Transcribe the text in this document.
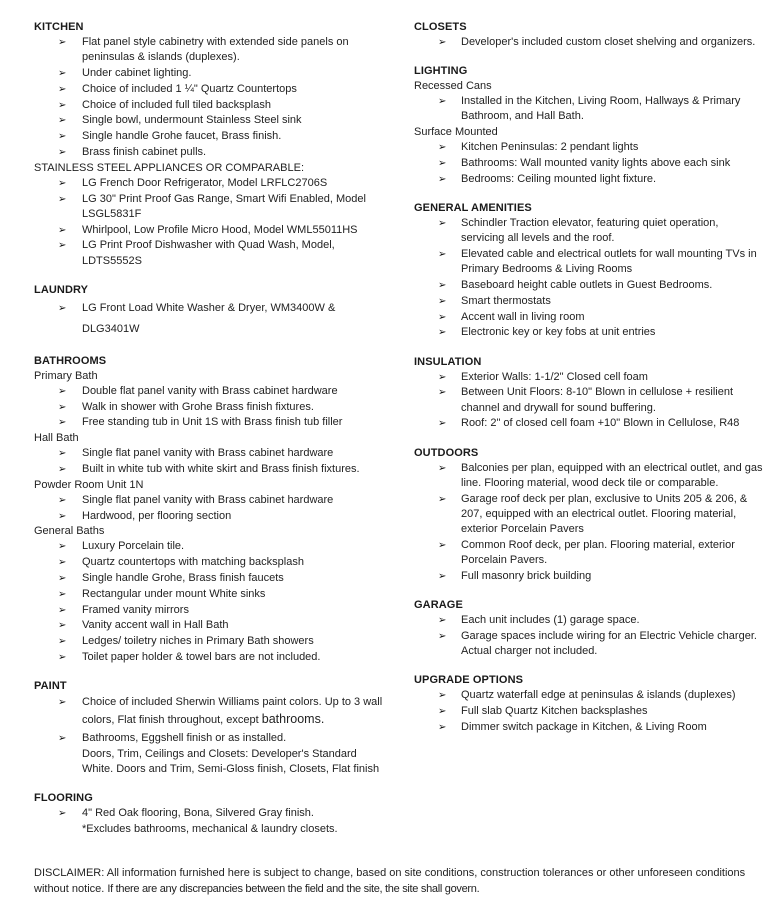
KITCHEN
➢ Flat panel style cabinetry with extended side panels on peninsulas & islands (duplexes).
➢ Under cabinet lighting.
➢ Choice of included 1 ¼" Quartz Countertops
➢ Choice of included full tiled backsplash
➢ Single bowl, undermount Stainless Steel sink
➢ Single handle Grohe faucet, Brass finish.
➢ Brass finish cabinet pulls.
STAINLESS STEEL APPLIANCES OR COMPARABLE:
➢ LG French Door Refrigerator, Model LRFLC2706S
➢ LG 30" Print Proof Gas Range, Smart Wifi Enabled, Model LSGL5831F
➢ Whirlpool, Low Profile Micro Hood, Model WML55011HS
➢ LG Print Proof Dishwasher with Quad Wash, Model, LDTS5552S
LAUNDRY
➢ LG Front Load White Washer & Dryer, WM3400W & DLG3401W
BATHROOMS
Primary Bath
➢ Double flat panel vanity with Brass cabinet hardware
➢ Walk in shower with Grohe Brass finish fixtures.
➢ Free standing tub in Unit 1S with Brass finish tub filler
Hall Bath
➢ Single flat panel vanity with Brass cabinet hardware
➢ Built in white tub with white skirt and Brass finish fixtures.
Powder Room Unit 1N
➢ Single flat panel vanity with Brass cabinet hardware
➢ Hardwood, per flooring section
General Baths
➢ Luxury Porcelain tile.
➢ Quartz countertops with matching backsplash
➢ Single handle Grohe, Brass finish faucets
➢ Rectangular under mount White sinks
➢ Framed vanity mirrors
➢ Vanity accent wall in Hall Bath
➢ Ledges/ toiletry niches in Primary Bath showers
➢ Toilet paper holder & towel bars are not included.
PAINT
➢ Choice of included Sherwin Williams paint colors. Up to 3 wall colors, Flat finish throughout, except bathrooms.
➢ Bathrooms, Eggshell finish or as installed.
Doors, Trim, Ceilings and Closets: Developer's Standard White. Doors and Trim, Semi-Gloss finish, Closets, Flat finish
FLOORING
➢ 4" Red Oak flooring, Bona, Silvered Gray finish.
*Excludes bathrooms, mechanical & laundry closets.
CLOSETS
➢ Developer's included custom closet shelving and organizers.
LIGHTING
Recessed Cans
➢ Installed in the Kitchen, Living Room, Hallways & Primary Bathroom, and Hall Bath.
Surface Mounted
➢ Kitchen Peninsulas: 2 pendant lights
➢ Bathrooms: Wall mounted vanity lights above each sink
➢ Bedrooms: Ceiling mounted light fixture.
GENERAL AMENITIES
➢ Schindler Traction elevator, featuring quiet operation, servicing all levels and the roof.
➢ Elevated cable and electrical outlets for wall mounting TVs in Primary Bedrooms & Living Rooms
➢ Baseboard height cable outlets in Guest Bedrooms.
➢ Smart thermostats
➢ Accent wall in living room
➢ Electronic key or key fobs at unit entries
INSULATION
➢ Exterior Walls: 1-1/2" Closed cell foam
➢ Between Unit Floors: 8-10" Blown in cellulose + resilient channel and drywall for sound buffering.
➢ Roof: 2" of closed cell foam +10" Blown in Cellulose, R48
OUTDOORS
➢ Balconies per plan, equipped with an electrical outlet, and gas line. Flooring material, wood deck tile or comparable.
➢ Garage roof deck per plan, exclusive to Units 205 & 206, & 207, equipped with an electrical outlet. Flooring material, exterior Porcelain Pavers
➢ Common Roof deck, per plan. Flooring material, exterior Porcelain Pavers.
➢ Full masonry brick building
GARAGE
➢ Each unit includes (1) garage space.
➢ Garage spaces include wiring for an Electric Vehicle charger. Actual charger not included.
UPGRADE OPTIONS
➢ Quartz waterfall edge at peninsulas & islands (duplexes)
➢ Full slab Quartz Kitchen backsplashes
➢ Dimmer switch package in Kitchen, & Living Room
DISCLAIMER: All information furnished here is subject to change, based on site conditions, construction tolerances or other unforeseen conditions without notice. If there are any discrepancies between the field and the site, the site shall govern.
